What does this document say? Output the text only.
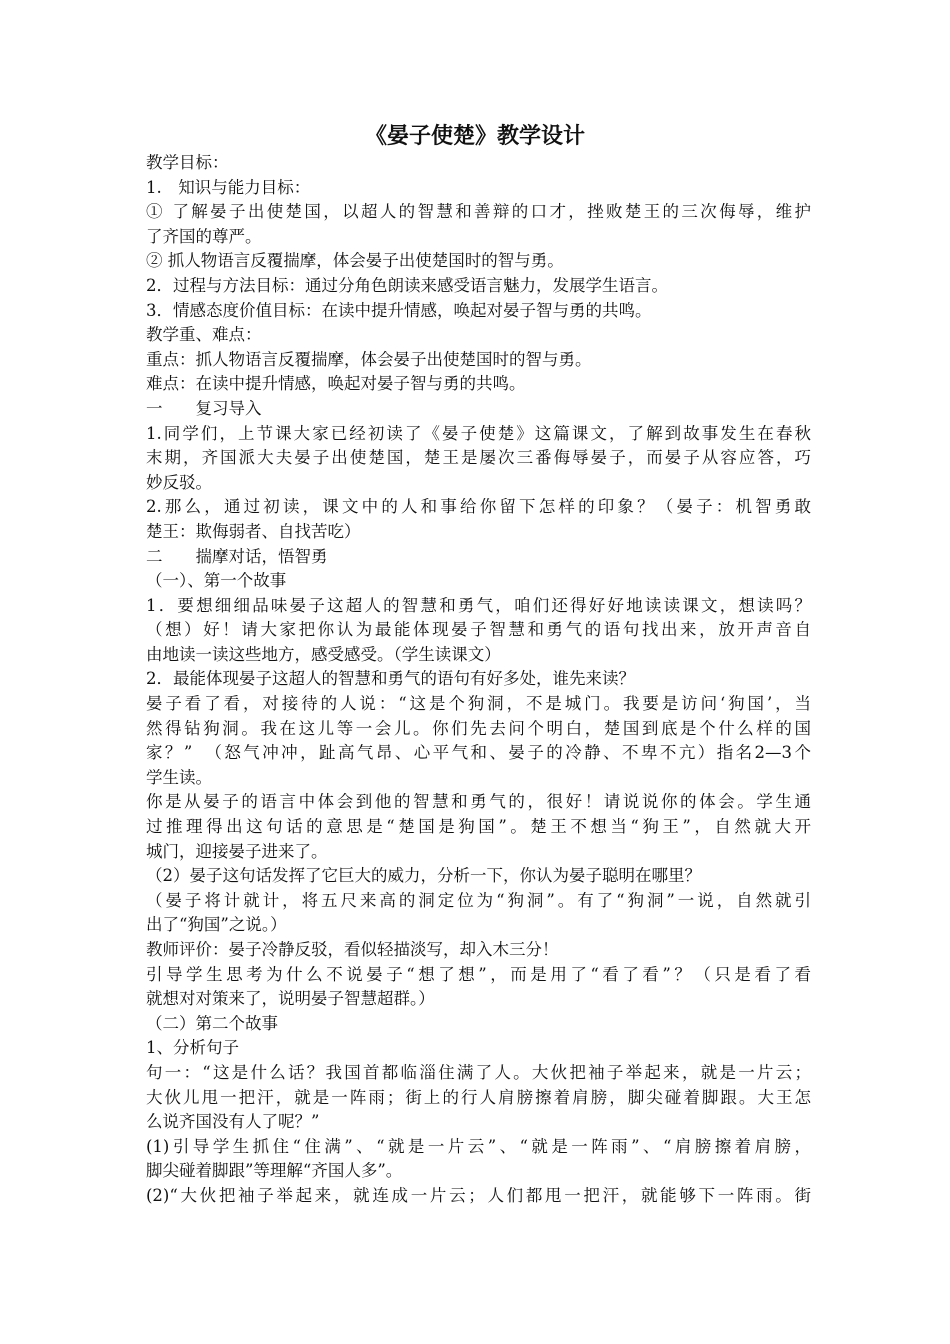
《晏子使楚》教学设计
教学目标：
1.　知识与能力目标：
① 了解晏子出使楚国，以超人的智慧和善辩的口才，挫败楚王的三次侮辱，维护
了齐国的尊严。
② 抓人物语言反覆揣摩，体会晏子出使楚国时的智与勇。
2．过程与方法目标：通过分角色朗读来感受语言魅力，发展学生语言。
3．情感态度价值目标：在读中提升情感，唤起对晏子智与勇的共鸣。
教学重、难点：
重点：抓人物语言反覆揣摩，体会晏子出使楚国时的智与勇。
难点：在读中提升情感，唤起对晏子智与勇的共鸣。
一　　复习导入
1.同学们，上节课大家已经初读了《晏子使楚》这篇课文，了解到故事发生在春秋
末期，齐国派大夫晏子出使楚国，楚王是屡次三番侮辱晏子，而晏子从容应答，巧
妙反驳。
2.那么，通过初读，课文中的人和事给你留下怎样的印象？（晏子：机智勇敢
楚王：欺侮弱者、自找苦吃）
二　　揣摩对话，悟智勇
（一）、第一个故事
1．要想细细品味晏子这超人的智慧和勇气，咱们还得好好地读读课文，想读吗？
（想）好！请大家把你认为最能体现晏子智慧和勇气的语句找出来，放开声音自
由地读一读这些地方，感受感受。（学生读课文）
2．最能体现晏子这超人的智慧和勇气的语句有好多处，谁先来读？
晏子看了看，对接待的人说：“这是个狗洞，不是城门。我要是访问‘狗国’，当
然得钻狗洞。我在这儿等一会儿。你们先去问个明白，楚国到底是个什么样的国
家？”　（怒气冲冲，趾高气昂、心平气和、晏子的冷静、不卑不亢）指名2—3个
学生读。
你是从晏子的语言中体会到他的智慧和勇气的，很好！请说说你的体会。学生通
过推理得出这句话的意思是“楚国是狗国”。楚王不想当“狗王”，自然就大开
城门，迎接晏子进来了。
（2）晏子这句话发挥了它巨大的威力，分析一下，你认为晏子聪明在哪里？
（晏子将计就计，将五尺来高的洞定位为“狗洞”。有了“狗洞”一说，自然就引
出了“狗国”之说。）
教师评价：晏子冷静反驳，看似轻描淡写，却入木三分！
引导学生思考为什么不说晏子“想了想”，而是用了“看了看”？（只是看了看
就想对对策来了，说明晏子智慧超群。）
（二）第二个故事
1、分析句子
句一：“这是什么话？我国首都临淄住满了人。大伙把袖子举起来，就是一片云；
大伙儿甩一把汗，就是一阵雨；街上的行人肩膀擦着肩膀，脚尖碰着脚跟。大王怎
么说齐国没有人了呢？”
(1)引导学生抓住“住满”、“就是一片云”、“就是一阵雨”、“肩膀擦着肩膀，
脚尖碰着脚跟”等理解“齐国人多”。
(2)“大伙把袖子举起来，就连成一片云；人们都甩一把汗，就能够下一阵雨。街
